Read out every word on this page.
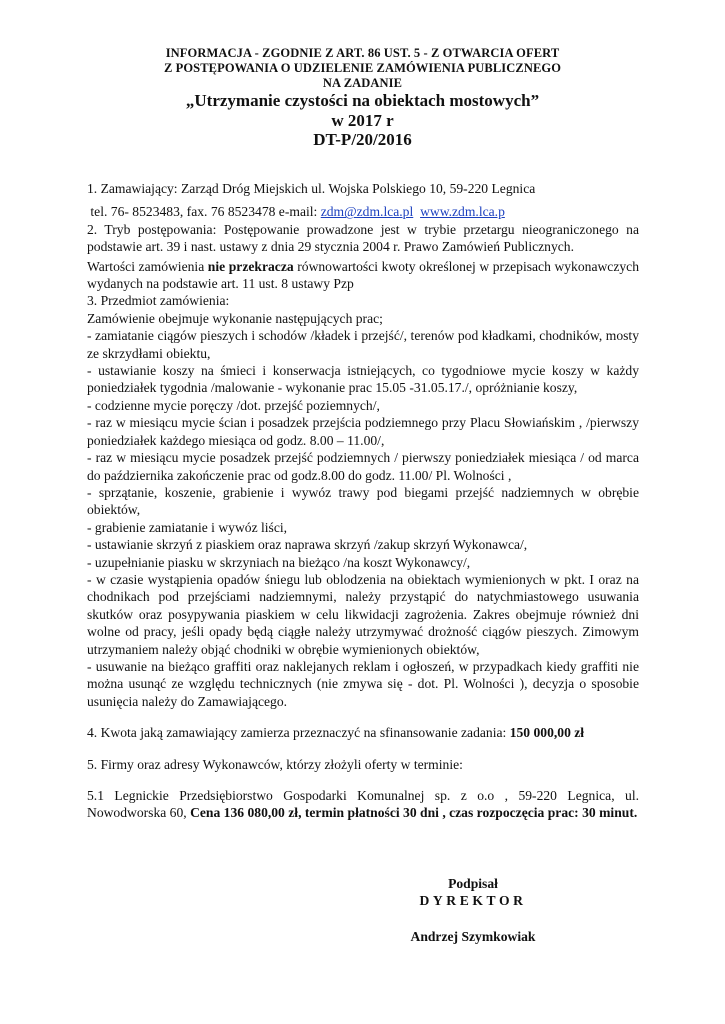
INFORMACJA - ZGODNIE Z ART. 86 UST. 5 - Z OTWARCIA OFERT
Z POSTĘPOWANIA O UDZIELENIE ZAMÓWIENIA PUBLICZNEGO
NA ZADANIE
„Utrzymanie czystości na obiektach mostowych”
w 2017 r
DT-P/20/2016

1. Zamawiający: Zarząd Dróg Miejskich ul. Wojska Polskiego 10, 59-220 Legnica

tel. 76- 8523483, fax. 76 8523478 e-mail: zdm@zdm.lca.pl www.zdm.lca.p

2. Tryb postępowania: Postępowanie prowadzone jest w trybie przetargu nieograniczonego na podstawie art. 39 i nast. ustawy z dnia 29 stycznia 2004 r. Prawo Zamówień Publicznych.

Wartości zamówienia nie przekracza równowartości kwoty określonej w przepisach wykonawczych wydanych na podstawie art. 11 ust. 8 ustawy Pzp

3. Przedmiot zamówienia:

Zamówienie obejmuje wykonanie następujących prac;

- zamiatanie ciągów pieszych i schodów /kładek i przejść/, terenów pod kładkami, chodników, mosty ze skrzydłami obiektu,

- ustawianie koszy na śmieci i konserwacja istniejących, co tygodniowe mycie koszy w każdy poniedziałek tygodnia /malowanie - wykonanie prac 15.05 -31.05.17./, opróżnianie koszy,

- codzienne mycie poręczy /dot. przejść poziemnych/,

- raz w miesiącu mycie ścian i posadzek przejścia podziemnego przy Placu Słowiańskim , /pierwszy poniedziałek każdego miesiąca od godz. 8.00 – 11.00/,

- raz w miesiącu mycie posadzek przejść podziemnych / pierwszy poniedziałek miesiąca / od marca do października zakończenie prac od godz.8.00 do godz. 11.00/ Pl. Wolności ,

- sprzątanie, koszenie, grabienie i wywóz trawy pod biegami przejść nadziemnych w obrębie obiektów,

- grabienie zamiatanie i wywóz liści,

- ustawianie skrzyń z piaskiem oraz naprawa skrzyń /zakup skrzyń Wykonawca/,

- uzupełnianie piasku w skrzyniach na bieżąco /na koszt Wykonawcy/,

- w czasie wystąpienia opadów śniegu lub oblodzenia na obiektach wymienionych w pkt. I oraz na chodnikach pod przejściami nadziemnymi, należy przystąpić do natychmiastowego usuwania skutków oraz posypywania piaskiem w celu likwidacji zagrożenia. Zakres obejmuje również dni wolne od pracy, jeśli opady będą ciągłe należy utrzymywać drożność ciągów pieszych. Zimowym utrzymaniem należy objąć chodniki w obrębie wymienionych obiektów,

- usuwanie na bieżąco graffiti oraz naklejanych reklam i ogłoszeń, w przypadkach kiedy graffiti nie można usunąć ze względu technicznych (nie zmywa się - dot. Pl. Wolności ), decyzja o sposobie usunięcia należy do Zamawiającego.

4. Kwota jaką zamawiający zamierza przeznaczyć na sfinansowanie zadania: 150 000,00 zł

5. Firmy oraz adresy Wykonawców, którzy złożyli oferty w terminie:

5.1 Legnickie Przedsiębiorstwo Gospodarki Komunalnej sp. z o.o , 59-220 Legnica, ul. Nowodworska 60, Cena 136 080,00 zł, termin płatności 30 dni , czas rozpoczęcia prac: 30 minut.

Podpisał
DYREKTOR
Andrzej Szymkowiak
